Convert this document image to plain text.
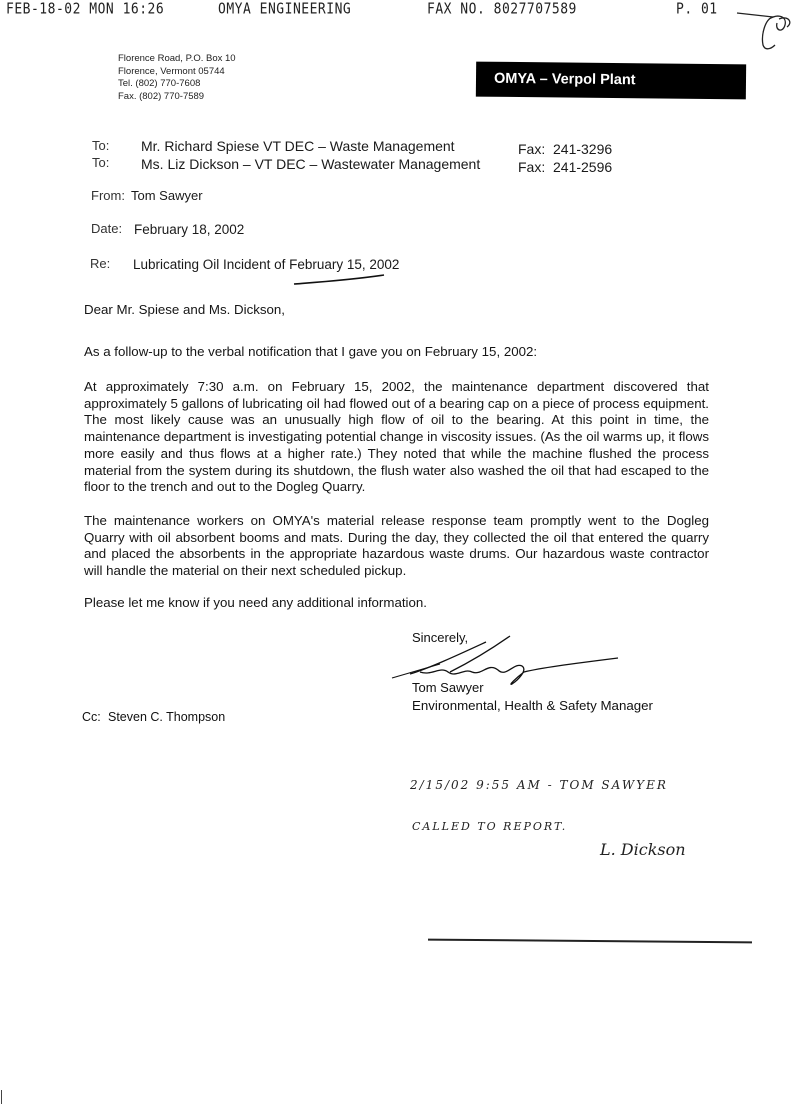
FEB-18-02 MON 16:26	OMYA ENGINEERING	FAX NO. 8027707589	P. 01
Florence Road, P.O. Box 10
Florence, Vermont 05744
Tel. (802) 770-7608
Fax. (802) 770-7589
OMYA – Verpol Plant
To: Mr. Richard Spiese VT DEC – Waste Management	Fax: 241-3296
To: Ms. Liz Dickson – VT DEC – Wastewater Management	Fax: 241-2596
From: Tom Sawyer
Date: February 18, 2002
Re: Lubricating Oil Incident of February 15, 2002
Dear Mr. Spiese and Ms. Dickson,
As a follow-up to the verbal notification that I gave you on February 15, 2002:
At approximately 7:30 a.m. on February 15, 2002, the maintenance department discovered that approximately 5 gallons of lubricating oil had flowed out of a bearing cap on a piece of process equipment. The most likely cause was an unusually high flow of oil to the bearing. At this point in time, the maintenance department is investigating potential change in viscosity issues. (As the oil warms up, it flows more easily and thus flows at a higher rate.) They noted that while the machine flushed the process material from the system during its shutdown, the flush water also washed the oil that had escaped to the floor to the trench and out to the Dogleg Quarry.
The maintenance workers on OMYA's material release response team promptly went to the Dogleg Quarry with oil absorbent booms and mats. During the day, they collected the oil that entered the quarry and placed the absorbents in the appropriate hazardous waste drums. Our hazardous waste contractor will handle the material on their next scheduled pickup.
Please let me know if you need any additional information.
Sincerely,
Tom Sawyer
Environmental, Health & Safety Manager
Cc: Steven C. Thompson
2/15/02 9:55 AM - TOM SAWYER
CALLED TO REPORT.
L. Dickson
